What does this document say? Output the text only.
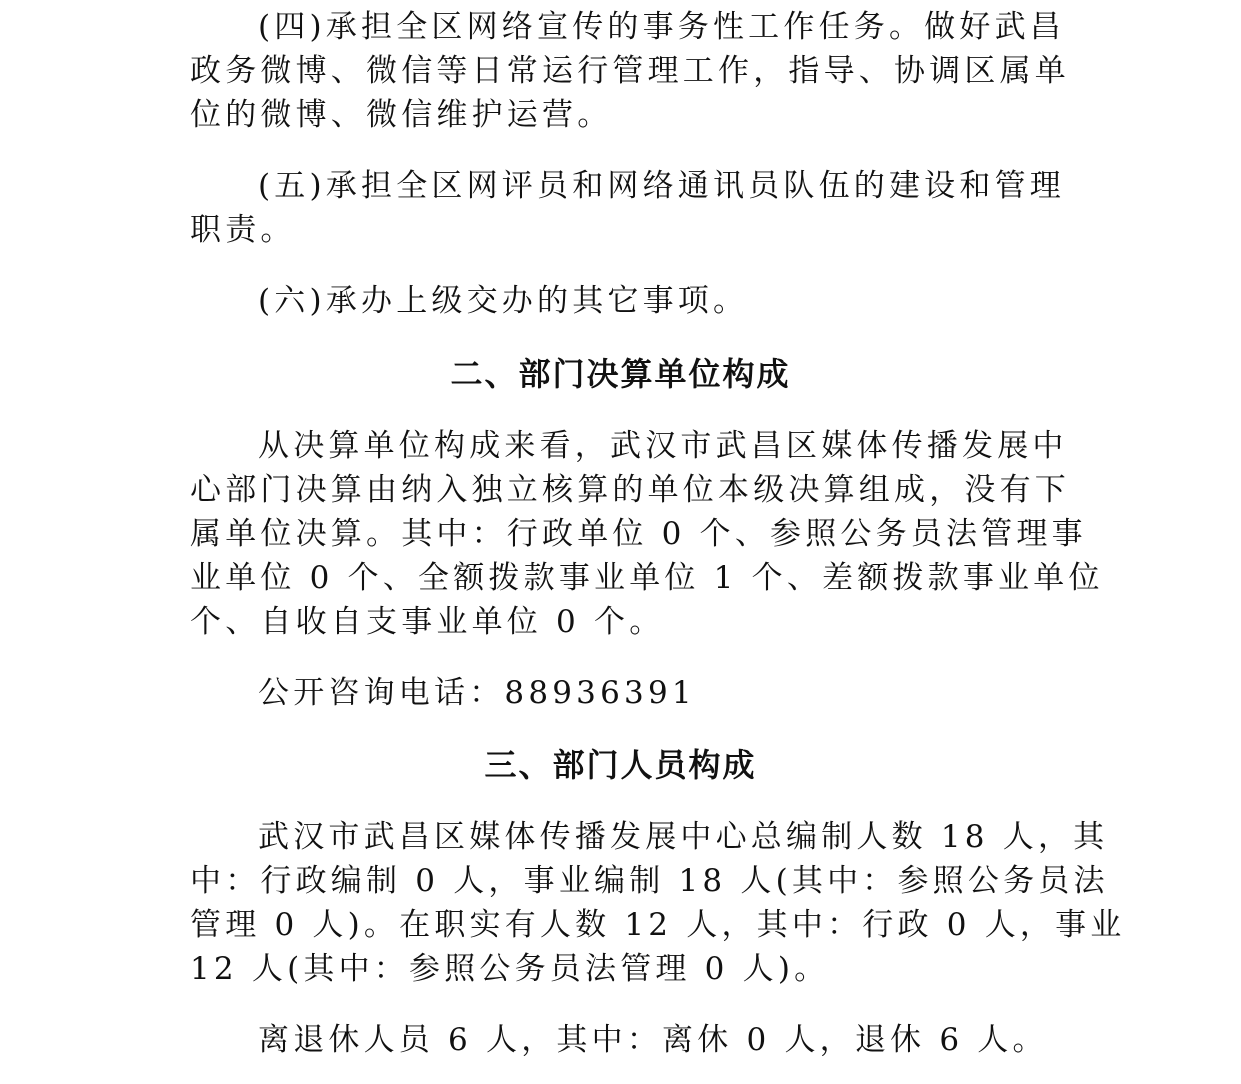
(四)承担全区网络宣传的事务性工作任务。做好武昌
政务微博、微信等日常运行管理工作，指导、协调区属单
位的微博、微信维护运营。
(五)承担全区网评员和网络通讯员队伍的建设和管理
职责。
(六)承办上级交办的其它事项。
二、部门决算单位构成
从决算单位构成来看，武汉市武昌区媒体传播发展中
心部门决算由纳入独立核算的单位本级决算组成，没有下
属单位决算。其中：行政单位 0 个、参照公务员法管理事
业单位 0 个、全额拨款事业单位 1 个、差额拨款事业单位
个、自收自支事业单位 0 个。
公开咨询电话：88936391
三、部门人员构成
武汉市武昌区媒体传播发展中心总编制人数 18 人，其
中：行政编制 0 人，事业编制 18 人(其中：参照公务员法
管理 0 人)。在职实有人数 12 人，其中：行政 0 人，事业
12 人(其中：参照公务员法管理 0 人)。
离退休人员 6 人，其中：离休 0 人，退休 6 人。
